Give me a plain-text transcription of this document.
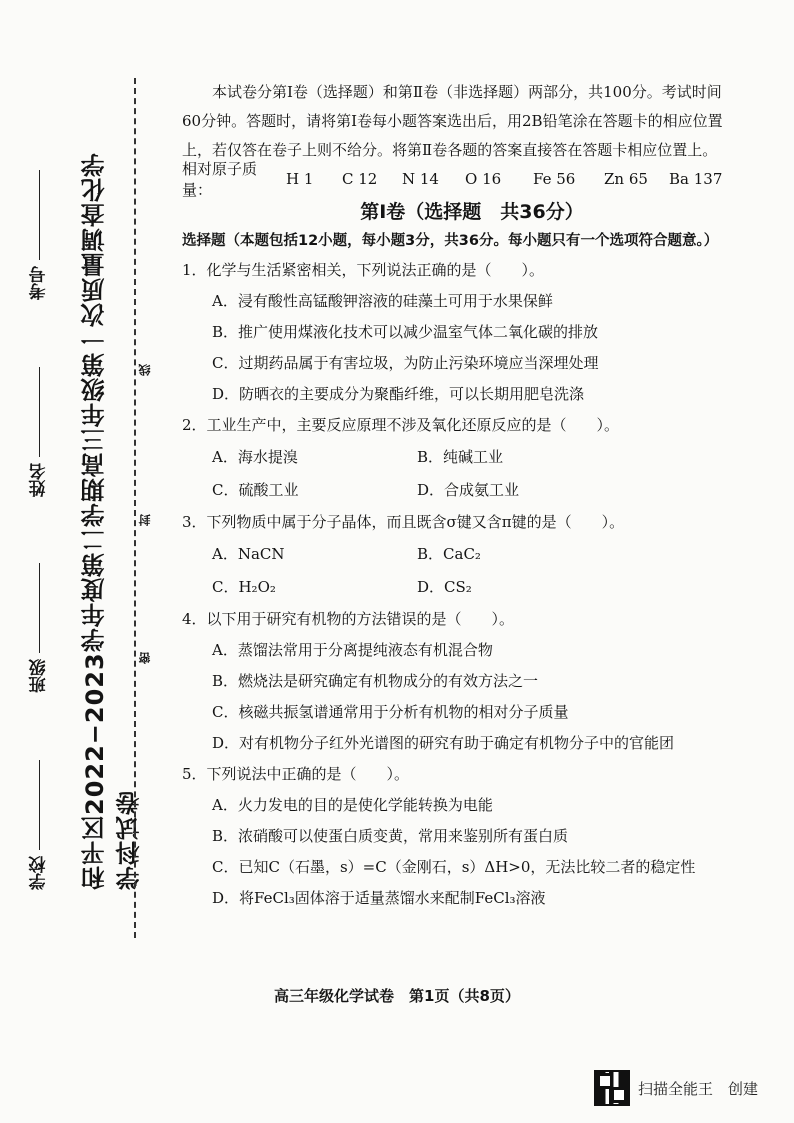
学校
班级
姓名
考号 和平区2022−2023学年度第二学期高三年级第一次质量调查化学学科试卷
密
封
线

本试卷分第Ⅰ卷（选择题）和第Ⅱ卷（非选择题）两部分，共100分。考试时间

60分钟。答题时，请将第Ⅰ卷每小题答案选出后，用2B铅笔涂在答题卡的相应位置

上，若仅答在卷子上则不给分。将第Ⅱ卷各题的答案直接答在答题卡相应位置上。

相对原子质量：
H 1	C 12	N 14	O 16	Fe 56	Zn 65	Ba 137
第Ⅰ卷（选择题　共36分）
选择题（本题包括12小题，每小题3分，共36分。每小题只有一个选项符合题意。）
1．化学与生活紧密相关，下列说法正确的是（　　）。
A．浸有酸性高锰酸钾溶液的硅藻土可用于水果保鲜
B．推广使用煤液化技术可以减少温室气体二氧化碳的排放
C．过期药品属于有害垃圾，为防止污染环境应当深埋处理
D．防晒衣的主要成分为聚酯纤维，可以长期用肥皂洗涤
2．工业生产中，主要反应原理不涉及氧化还原反应的是（　　）。
A．海水提溴	B．纯碱工业
C．硫酸工业	D．合成氨工业
3．下列物质中属于分子晶体，而且既含σ键又含π键的是（　　）。
A．NaCN	B．CaC₂
C．H₂O₂	D．CS₂
4．以下用于研究有机物的方法错误的是（　　）。
A．蒸馏法常用于分离提纯液态有机混合物
B．燃烧法是研究确定有机物成分的有效方法之一
C．核磁共振氢谱通常用于分析有机物的相对分子质量
D．对有机物分子红外光谱图的研究有助于确定有机物分子中的官能团
5．下列说法中正确的是（　　）。
A．火力发电的目的是使化学能转换为电能
B．浓硝酸可以使蛋白质变黄，常用来鉴别所有蛋白质
C．已知C（石墨，s）=C（金刚石，s）ΔH>0，无法比较二者的稳定性
D．将FeCl₃固体溶于适量蒸馏水来配制FeCl₃溶液
高三年级化学试卷　第1页（共8页）
扫描全能王　创建
